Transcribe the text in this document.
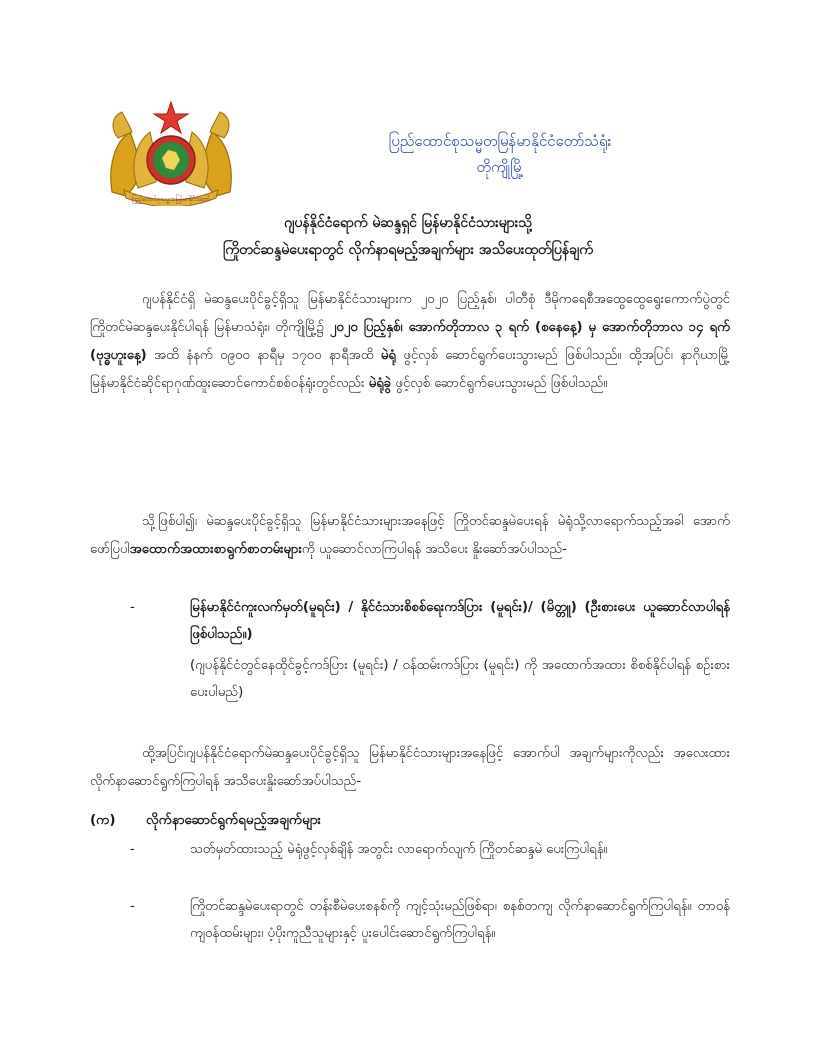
ပြည်ထောင်စုသမ္မတမြန်မာနိုင်ငံတော်
ပြည်ထောင်စုသမ္မတမြန်မာနိုင်ငံတော်သံရုံး
တိုကျိုမြို့
ဂျပန်နိုင်ငံရောက် မဲဆန္ဒရှင် မြန်မာနိုင်ငံသားများသို့
ကြိုတင်ဆန္ဒမဲပေးရာတွင် လိုက်နာရမည့်အချက်များ အသိပေးထုတ်ပြန်ချက်
ဂျပန်နိုင်ငံရှိ မဲဆန္ဒပေးပိုင်ခွင့်ရှိသူ မြန်မာနိုင်ငံသားများက ၂၀၂၀ ပြည့်နှစ်၊ ပါတီစုံ ဒီမိုကရေစီအထွေထွေရွေးကောက်ပွဲတွင်ကြိုတင်မဲဆန္ဒပေးနိုင်ပါရန် မြန်မာသံရုံး၊ တိုကျိုမြို့၌ ၂၀၂၀ ပြည့်နှစ်၊ အောက်တိုဘာလ ၃ ရက် (စနေနေ့) မှ အောက်တိုဘာလ ၁၄ ရက် (ဗုဒ္ဓဟူးနေ့) အထိ နံနက် ၀၉၀၀ နာရီမှ ၁၇၀၀ နာရီအထိ မဲရုံ ဖွင့်လှစ် ဆောင်ရွက်ပေးသွားမည် ဖြစ်ပါသည်။ ထို့အပြင်၊ နာဂိုယာမြို့မြန်မာနိုင်ငံဆိုင်ရာဂုဏ်ထူးဆောင်ကောင်စစ်ဝန်ရုံးတွင်လည်း မဲရုံခွဲ ဖွင့်လှစ် ဆောင်ရွက်ပေးသွားမည် ဖြစ်ပါသည်။
သို့ဖြစ်ပါ၍၊ မဲဆန္ဒပေးပိုင်ခွင့်ရှိသူ မြန်မာနိုင်ငံသားများအနေဖြင့် ကြိုတင်ဆန္ဒမဲပေးရန် မဲရုံသို့လာရောက်သည့်အခါ အောက်ဖော်ပြပါအထောက်အထားစာရွက်စာတမ်းများကို ယူဆောင်လာကြပါရန် အသိပေး နှိုးဆော်အပ်ပါသည်-
-	မြန်မာနိုင်ငံကူးလက်မှတ်(မူရင်း) / နိုင်ငံသားစိစစ်ရေးကဒ်ပြား (မူရင်း)/ (မိတ္တူ) (ဦးစားပေး ယူဆောင်လာပါရန် ဖြစ်ပါသည်။)
(ဂျပန်နိုင်ငံတွင်နေထိုင်ခွင့်ကဒ်ပြား (မူရင်း) / ဝန်ထမ်းကဒ်ပြား (မူရင်း) ကို အထောက်အထား စိစစ်နိုင်ပါရန် စဉ်းစားပေးပါမည်)
ထို့အပြင်၊ဂျပန်နိုင်ငံရောက်မဲဆန္ဒပေးပိုင်ခွင့်ရှိသူ မြန်မာနိုင်ငံသားများအနေဖြင့် အောက်ပါ အချက်များကိုလည်း အလေးထား လိုက်နာဆောင်ရွက်ကြပါရန် အသိပေးနှိုးဆော်အပ်ပါသည်-
(က) လိုက်နာဆောင်ရွက်ရမည့်အချက်များ
-	သတ်မှတ်ထားသည့် မဲရုံဖွင့်လှစ်ချိန် အတွင်း လာရောက်လျက် ကြိုတင်ဆန္ဒမဲ ပေးကြပါရန်။
-	ကြိုတင်ဆန္ဒမဲပေးရာတွင် တန်းစီမဲပေးစနစ်ကို ကျင့်သုံးမည်ဖြစ်ရာ၊ စနစ်တကျ လိုက်နာဆောင်ရွက်ကြပါရန်။ တာဝန်ကျဝန်ထမ်းများ၊ ပံ့ပိုးကူညီသူများနှင့် ပူးပေါင်းဆောင်ရွက်ကြပါရန်။
